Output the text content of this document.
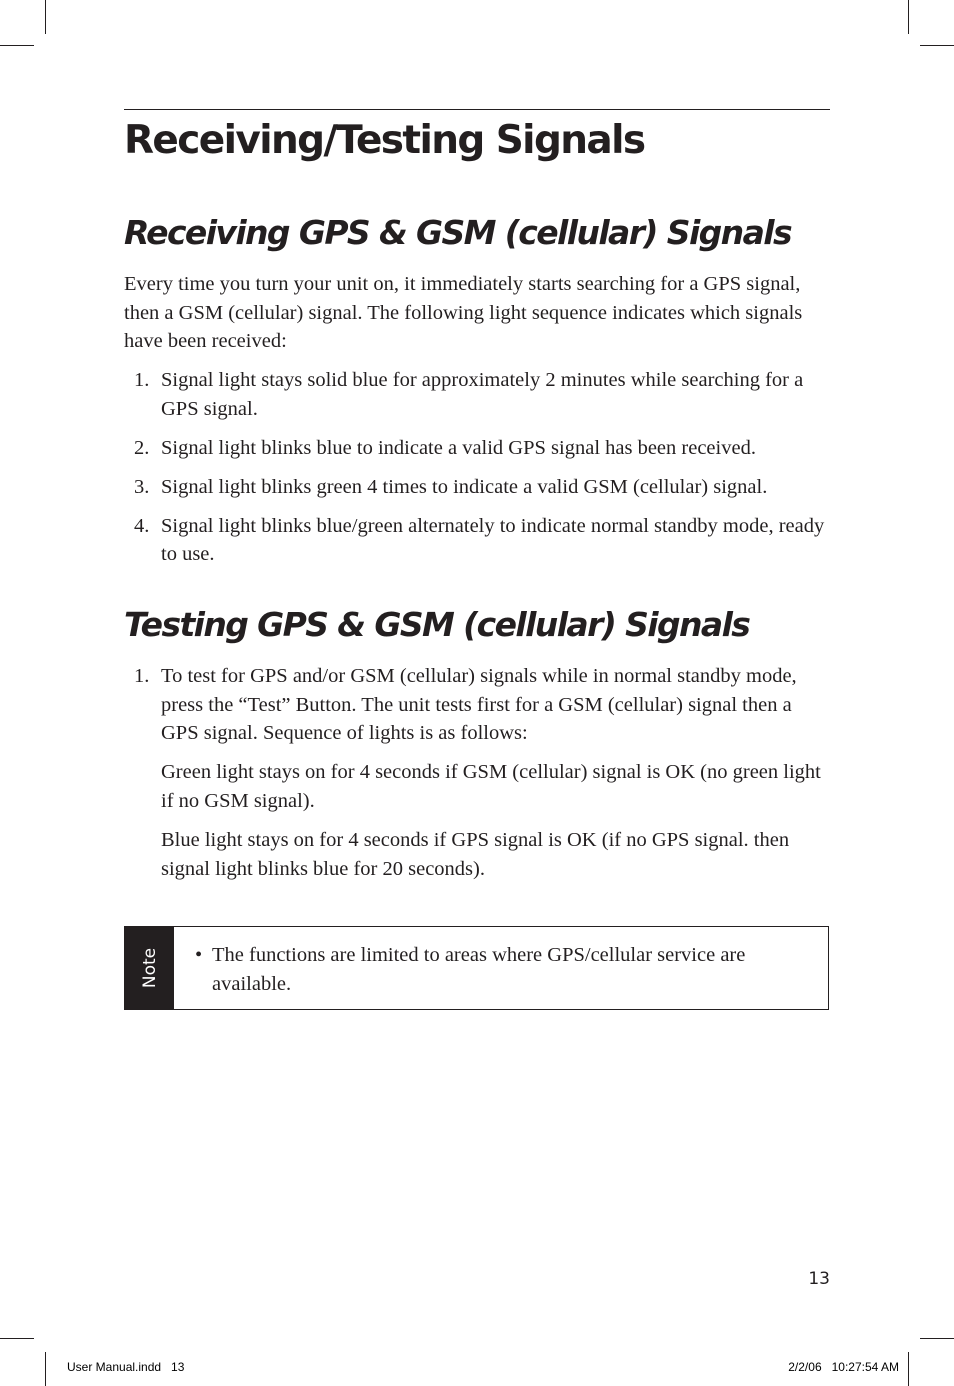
Receiving/Testing Signals
Receiving GPS & GSM (cellular) Signals

Every time you turn your unit on, it immediately starts searching for a GPS signal, then a GSM (cellular) signal. The following light sequence indicates which signals have been received:

1. Signal light stays solid blue for approximately 2 minutes while searching for a GPS signal.
2. Signal light blinks blue to indicate a valid GPS signal has been received.
3. Signal light blinks green 4 times to indicate a valid GSM (cellular) signal.
4. Signal light blinks blue/green alternately to indicate normal standby mode, ready to use.
Testing GPS & GSM (cellular) Signals
1. To test for GPS and/or GSM (cellular) signals while in normal standby mode, press the “Test” Button. The unit tests first for a GSM (cellular) signal then a GPS signal. Sequence of lights is as follows:

Green light stays on for 4 seconds if GSM (cellular) signal is OK (no green light if no GSM signal).

Blue light stays on for 4 seconds if GPS signal is OK (if no GPS signal. then signal light blinks blue for 20 seconds).

Note • The functions are limited to areas where GPS/cellular service are available.

13
User Manual.indd   13	2/2/06   10:27:54 AM
